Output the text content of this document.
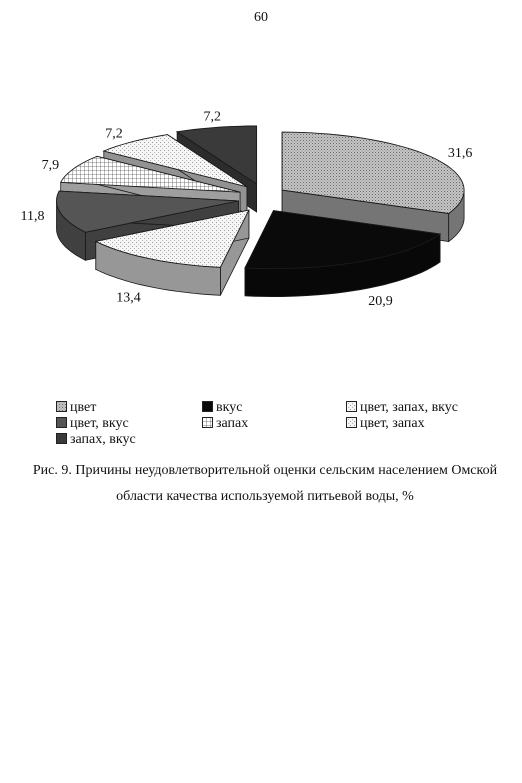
60
31,6
20,9
13,4
11,8
7,9
7,2
7,2
цвет	вкус	цвет, запах, вкус
цвет, вкус	запах	цвет, запах
запах, вкус
Рис. 9. Причины неудовлетворительной оценки сельским населением Омской
области качества используемой питьевой воды, %
